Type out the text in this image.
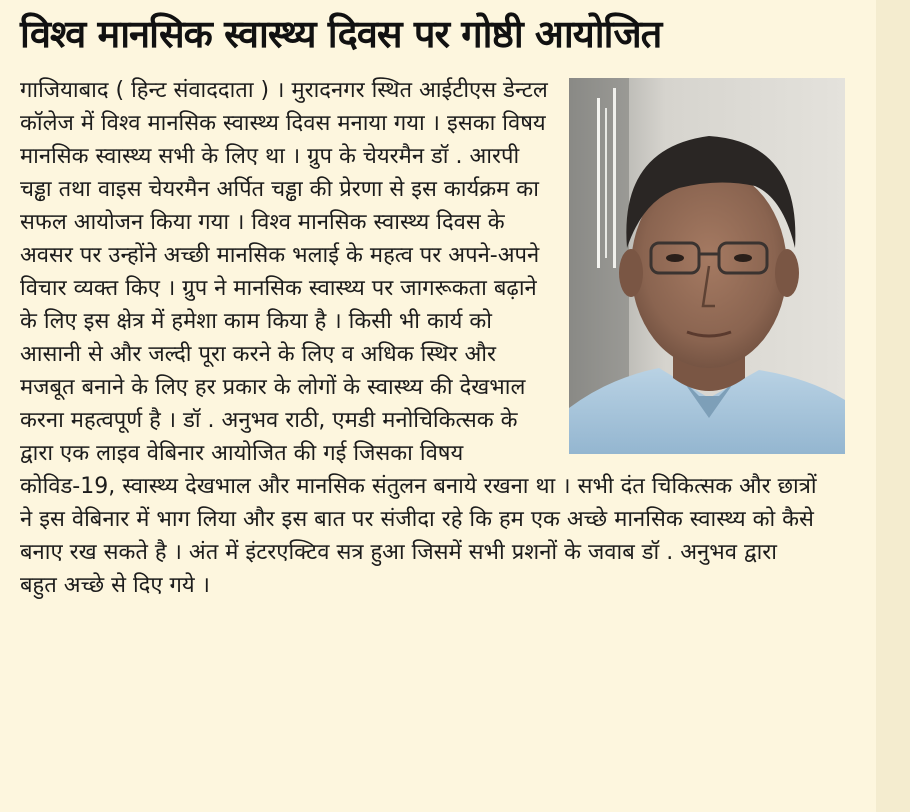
विश्व मानसिक स्वास्थ्य दिवस पर गोष्ठी आयोजित
गाजियाबाद ( हिन्ट संवाददाता ) । मुरादनगर स्थित आईटीएस डेन्टल कॉलेज में विश्व मानसिक स्वास्थ्य दिवस मनाया गया । इसका विषय मानसिक स्वास्थ्य सभी के लिए था । ग्रुप के चेयरमैन डॉ . आरपी चड्ढा तथा वाइस चेयरमैन अर्पित चड्ढा की प्रेरणा से इस कार्यक्रम का सफल आयोजन किया गया । विश्व मानसिक स्वास्थ्य दिवस के अवसर पर उन्होंने अच्छी मानसिक भलाई के महत्व पर अपने-अपने विचार व्यक्त किए । ग्रुप ने मानसिक स्वास्थ्य पर जागरूकता बढ़ाने के लिए इस क्षेत्र में हमेशा काम किया है । किसी भी कार्य को आसानी से और जल्दी पूरा करने के लिए व अधिक स्थिर और मजबूत बनाने के लिए हर प्रकार के लोगों के स्वास्थ्य की देखभाल करना महत्वपूर्ण है । डॉ . अनुभव राठी, एमडी मनोचिकित्सक के द्वारा एक लाइव वेबिनार आयोजित की गई जिसका विषय कोविड-19, स्वास्थ्य देखभाल और मानसिक संतुलन बनाये रखना था । सभी दंत चिकित्सक और छात्रों ने इस वेबिनार में भाग लिया और इस बात पर संजीदा रहे कि हम एक अच्छे मानसिक स्वास्थ्य को कैसे बनाए रख सकते है । अंत में इंटरएक्टिव सत्र हुआ जिसमें सभी प्रशनों के जवाब डॉ . अनुभव द्वारा बहुत अच्छे से दिए गये ।
